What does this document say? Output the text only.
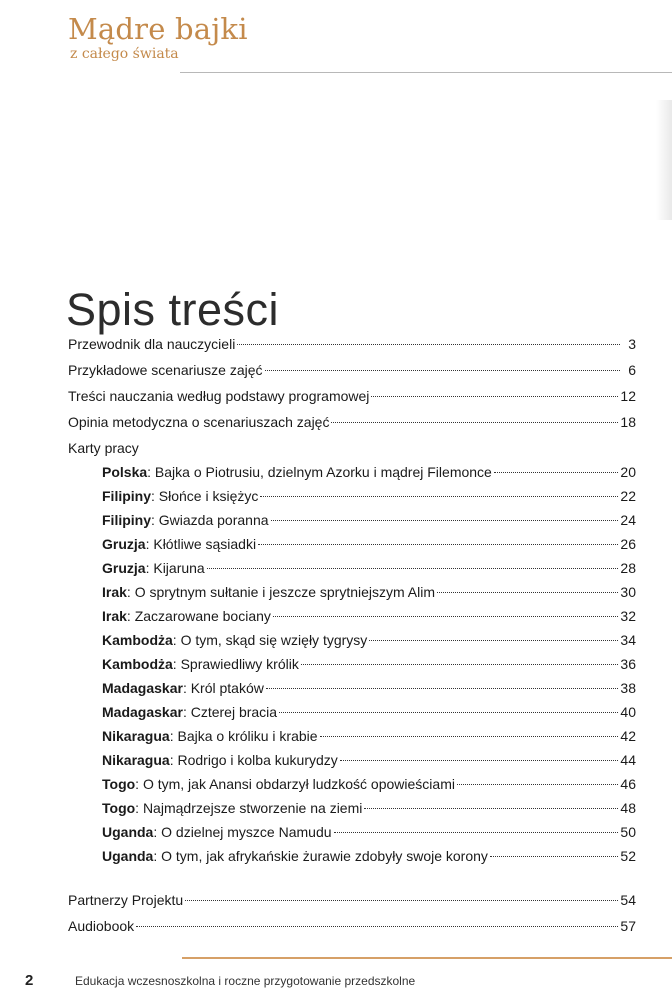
Mądre bajki
z całego świata
Spis treści
Przewodnik dla nauczycieli	3
Przykładowe scenariusze zajęć	6
Treści nauczania według podstawy programowej	12
Opinia metodyczna o scenariuszach zajęć	18
Karty pracy
Polska: Bajka o Piotrusiu, dzielnym Azorku i mądrej Filemonce	20
Filipiny: Słońce i księżyc	22
Filipiny: Gwiazda poranna	24
Gruzja: Kłótliwe sąsiadki	26
Gruzja: Kijaruna	28
Irak: O sprytnym sułtanie i jeszcze sprytniejszym Alim	30
Irak: Zaczarowane bociany	32
Kambodża: O tym, skąd się wzięły tygrysy	34
Kambodża: Sprawiedliwy królik	36
Madagaskar: Król ptaków	38
Madagaskar: Czterej bracia	40
Nikaragua: Bajka o króliku i krabie	42
Nikaragua: Rodrigo i kolba kukurydzy	44
Togo: O tym, jak Anansi obdarzył ludzkość opowieściami	46
Togo: Najmądrzejsze stworzenie na ziemi	48
Uganda: O dzielnej myszce Namudu	50
Uganda: O tym, jak afrykańskie żurawie zdobyły swoje korony	52
Partnerzy Projektu	54
Audiobook	57
2	Edukacja wczesnoszkolna i roczne przygotowanie przedszkolne
